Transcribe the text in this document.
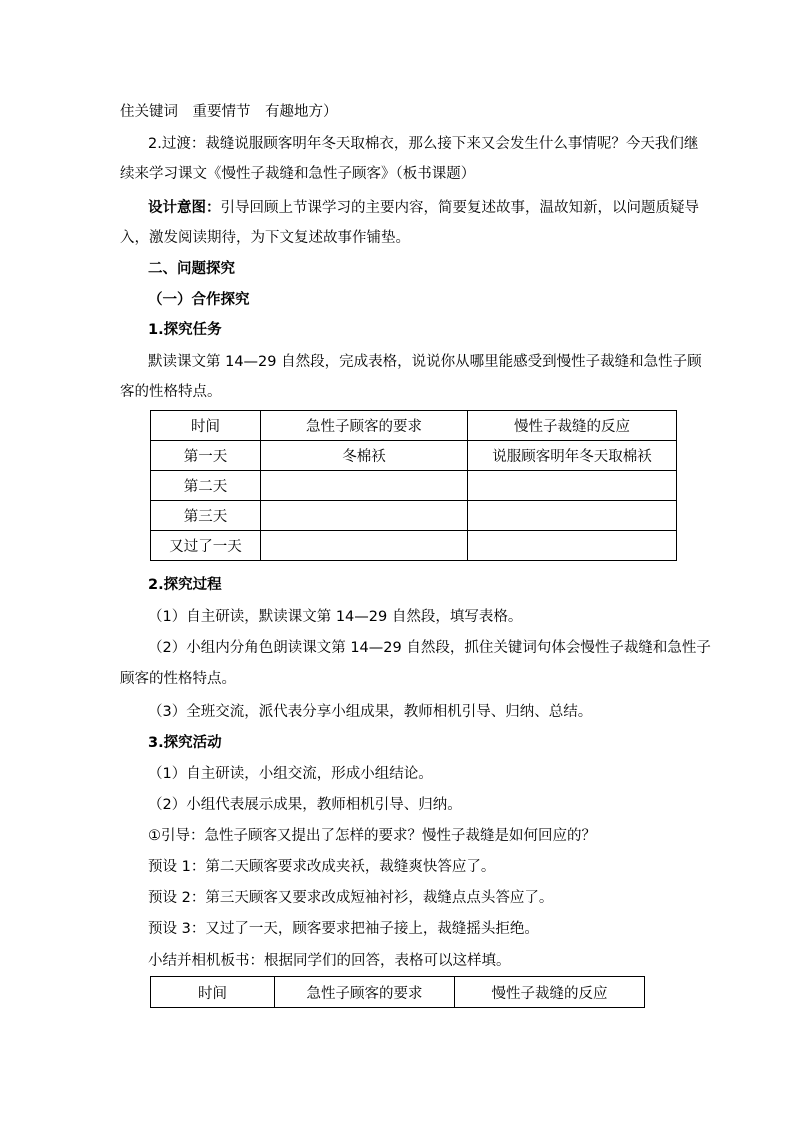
住关键词　重要情节　有趣地方）
2.过渡：裁缝说服顾客明年冬天取棉衣，那么接下来又会发生什么事情呢？今天我们继
续来学习课文《慢性子裁缝和急性子顾客》（板书课题）
设计意图：引导回顾上节课学习的主要内容，简要复述故事，温故知新，以问题质疑导
入，激发阅读期待，为下文复述故事作铺垫。
二、问题探究
（一）合作探究
1.探究任务
默读课文第 14—29 自然段，完成表格，说说你从哪里能感受到慢性子裁缝和急性子顾
客的性格特点。
时间	急性子顾客的要求	慢性子裁缝的反应
第一天	冬棉袄	说服顾客明年冬天取棉袄
第二天		
第三天		
又过了一天		
2.探究过程
（1）自主研读，默读课文第 14—29 自然段，填写表格。
（2）小组内分角色朗读课文第 14—29 自然段，抓住关键词句体会慢性子裁缝和急性子
顾客的性格特点。
（3）全班交流，派代表分享小组成果，教师相机引导、归纳、总结。
3.探究活动
（1）自主研读，小组交流，形成小组结论。
（2）小组代表展示成果，教师相机引导、归纳。
①引导：急性子顾客又提出了怎样的要求？慢性子裁缝是如何回应的？
预设 1：第二天顾客要求改成夹袄，裁缝爽快答应了。
预设 2：第三天顾客又要求改成短袖衬衫，裁缝点点头答应了。
预设 3：又过了一天，顾客要求把袖子接上，裁缝摇头拒绝。
小结并相机板书：根据同学们的回答，表格可以这样填。
时间	急性子顾客的要求	慢性子裁缝的反应
